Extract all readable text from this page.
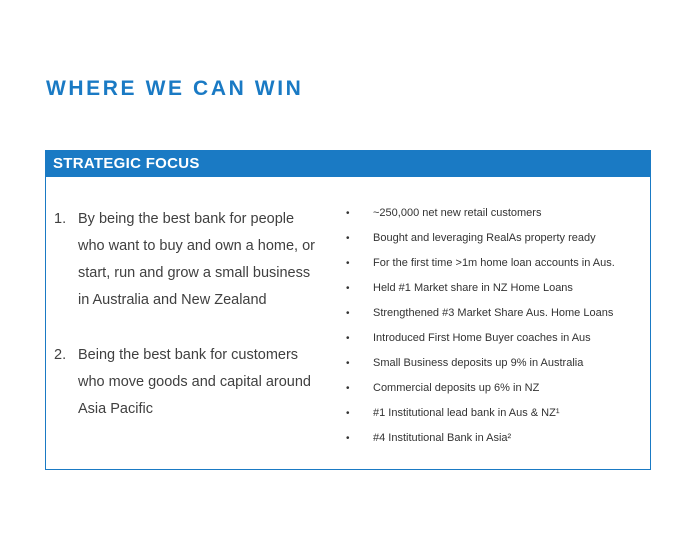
WHERE WE CAN WIN
STRATEGIC FOCUS
1. By being the best bank for people who want to buy and own a home, or start, run and grow a small business in Australia and New Zealand
2. Being the best bank for customers who move goods and capital around Asia Pacific
• ~250,000 net new retail customers
• Bought and leveraging RealAs property ready
• For the first time >1m home loan accounts in Aus.
• Held #1 Market share in NZ Home Loans
• Strengthened #3 Market Share Aus. Home Loans
• Introduced First Home Buyer coaches in Aus
• Small Business deposits up 9% in Australia
• Commercial deposits up 6% in NZ
• #1 Institutional lead bank in Aus & NZ¹
• #4 Institutional Bank in Asia²
